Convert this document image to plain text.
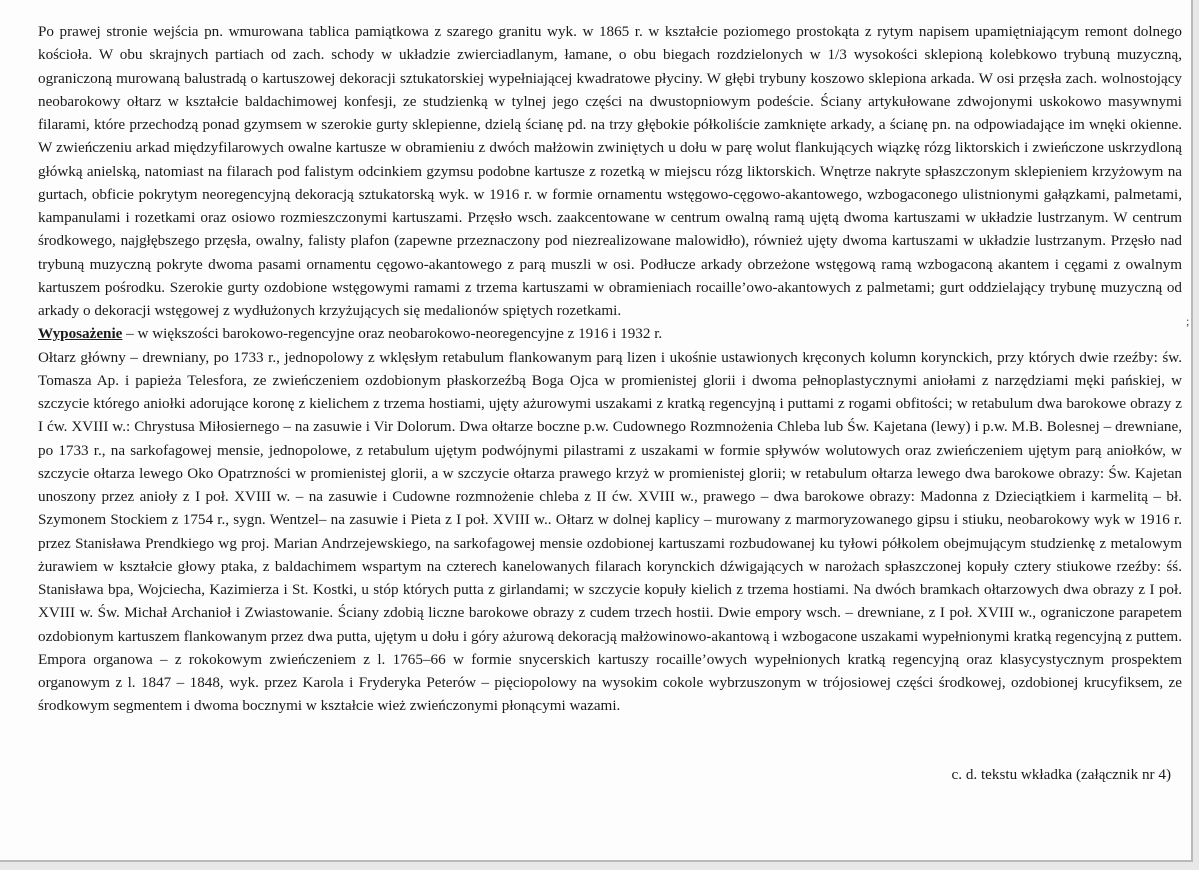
Po prawej stronie wejścia pn. wmurowana tablica pamiątkowa z szarego granitu wyk. w 1865 r. w kształcie poziomego prostokąta z rytym napisem upamiętniającym remont dolnego kościoła. W obu skrajnych partiach od zach. schody w układzie zwierciadlanym, łamane, o obu biegach rozdzielonych w 1/3 wysokości sklepioną kolebkowo trybuną muzyczną, ograniczoną murowaną balustradą o kartuszowej dekoracji sztukatorskiej wypełniającej kwadratowe płyciny. W głębi trybuny koszowo sklepiona arkada. W osi przęsła zach. wolnostojący neobarokowy ołtarz w kształcie baldachimowej konfesji, ze studzienką w tylnej jego części na dwustopniowym podeście. Ściany artykułowane zdwojonymi uskokowo masywnymi filarami, które przechodzą ponad gzymsem w szerokie gurty sklepienne, dzielą ścianę pd. na trzy głębokie półkoliście zamknięte arkady, a ścianę pn. na odpowiadające im wnęki okienne. W zwieńczeniu arkad międzyfilarowych owalne kartusze w obramieniu z dwóch małżowin zwiniętych u dołu w parę wolut flankujących wiązkę rózg liktorskich i zwieńczone uskrzydloną główką anielską, natomiast na filarach pod falistym odcinkiem gzymsu podobne kartusze z rozetką w miejscu rózg liktorskich. Wnętrze nakryte spłaszczonym sklepieniem krzyżowym na gurtach, obficie pokrytym neoregencyjną dekoracją sztukatorską wyk. w 1916 r. w formie ornamentu wstęgowo-cęgowo-akantowego, wzbogaconego ulistnionymi gałązkami, palmetami, kampanulami i rozetkami oraz osiowo rozmieszczonymi kartuszami. Przęsło wsch. zaakcentowane w centrum owalną ramą ujętą dwoma kartuszami w układzie lustrzanym. W centrum środkowego, najgłębszego przęsła, owalny, falisty plafon (zapewne przeznaczony pod niezrealizowane malowidło), również ujęty dwoma kartuszami w układzie lustrzanym. Przęsło nad trybuną muzyczną pokryte dwoma pasami ornamentu cęgowo-akantowego z parą muszli w osi. Podłucze arkady obrzeżone wstęgową ramą wzbogaconą akantem i cęgami z owalnym kartuszem pośrodku. Szerokie gurty ozdobione wstęgowymi ramami z trzema kartuszami w obramieniach rocaille’owo-akantowych z palmetami; gurt oddzielający trybunę muzyczną od arkady o dekoracji wstęgowej z wydłużonych krzyżujących się medalionów spiętych rozetkami.

Wyposażenie – w większości barokowo-regencyjne oraz neobarokowo-neoregencyjne z 1916 i 1932 r.

Ołtarz główny – drewniany, po 1733 r., jednopolowy z wklęsłym retabulum flankowanym parą lizen i ukośnie ustawionych kręconych kolumn korynckich, przy których dwie rzeźby: św. Tomasza Ap. i papieża Telesfora, ze zwieńczeniem ozdobionym płaskorzeźbą Boga Ojca w promienistej glorii i dwoma pełnoplastycznymi aniołami z narzędziami męki pańskiej, w szczycie którego aniołki adorujące koronę z kielichem z trzema hostiami, ujęty ażurowymi uszakami z kratką regencyjną i puttami z rogami obfitości; w retabulum dwa barokowe obrazy z I ćw. XVIII w.: Chrystusa Miłosiernego – na zasuwie i Vir Dolorum. Dwa ołtarze boczne p.w. Cudownego Rozmnożenia Chleba lub Św. Kajetana (lewy) i p.w. M.B. Bolesnej – drewniane, po 1733 r., na sarkofagowej mensie, jednopolowe, z retabulum ujętym podwójnymi pilastrami z uszakami w formie spływów wolutowych oraz zwieńczeniem ujętym parą aniołków, w szczycie ołtarza lewego Oko Opatrzności w promienistej glorii, a w szczycie ołtarza prawego krzyż w promienistej glorii; w retabulum ołtarza lewego dwa barokowe obrazy: Św. Kajetan unoszony przez anioły z I poł. XVIII w. – na zasuwie i Cudowne rozmnożenie chleba z II ćw. XVIII w., prawego – dwa barokowe obrazy: Madonna z Dzieciątkiem i karmelitą – bł. Szymonem Stockiem z 1754 r., sygn. Wentzel– na zasuwie i Pieta z I poł. XVIII w.. Ołtarz w dolnej kaplicy – murowany z marmoryzowanego gipsu i stiuku, neobarokowy wyk w 1916 r. przez Stanisława Prendkiego wg proj. Marian Andrzejewskiego, na sarkofagowej mensie ozdobionej kartuszami rozbudowanej ku tyłowi półkolem obejmującym studzienkę z metalowym żurawiem w kształcie głowy ptaka, z baldachimem wspartym na czterech kanelowanych filarach korynckich dźwigających w narożach spłaszczonej kopuły cztery stiukowe rzeźby: śś. Stanisława bpa, Wojciecha, Kazimierza i St. Kostki, u stóp których putta z girlandami; w szczycie kopuły kielich z trzema hostiami. Na dwóch bramkach ołtarzowych dwa obrazy z I poł. XVIII w. Św. Michał Archanioł i Zwiastowanie. Ściany zdobią liczne barokowe obrazy z cudem trzech hostii. Dwie empory wsch. – drewniane, z I poł. XVIII w., ograniczone parapetem ozdobionym kartuszem flankowanym przez dwa putta, ujętym u dołu i góry ażurową dekoracją małżowinowo-akantową i wzbogacone uszakami wypełnionymi kratką regencyjną z puttem. Empora organowa – z rokokowym zwieńczeniem z l. 1765–66 w formie snycerskich kartuszy rocaille’owych wypełnionych kratką regencyjną oraz klasycystycznym prospektem organowym z l. 1847 – 1848, wyk. przez Karola i Fryderyka Peterów – pięciopolowy na wysokim cokole wybrzuszonym w trójosiowej części środkowej, ozdobionej krucyfiksem, ze środkowym segmentem i dwoma bocznymi w kształcie wież zwieńczonymi płonącymi wazami.

c. d. tekstu wkładka (załącznik nr 4)
;
